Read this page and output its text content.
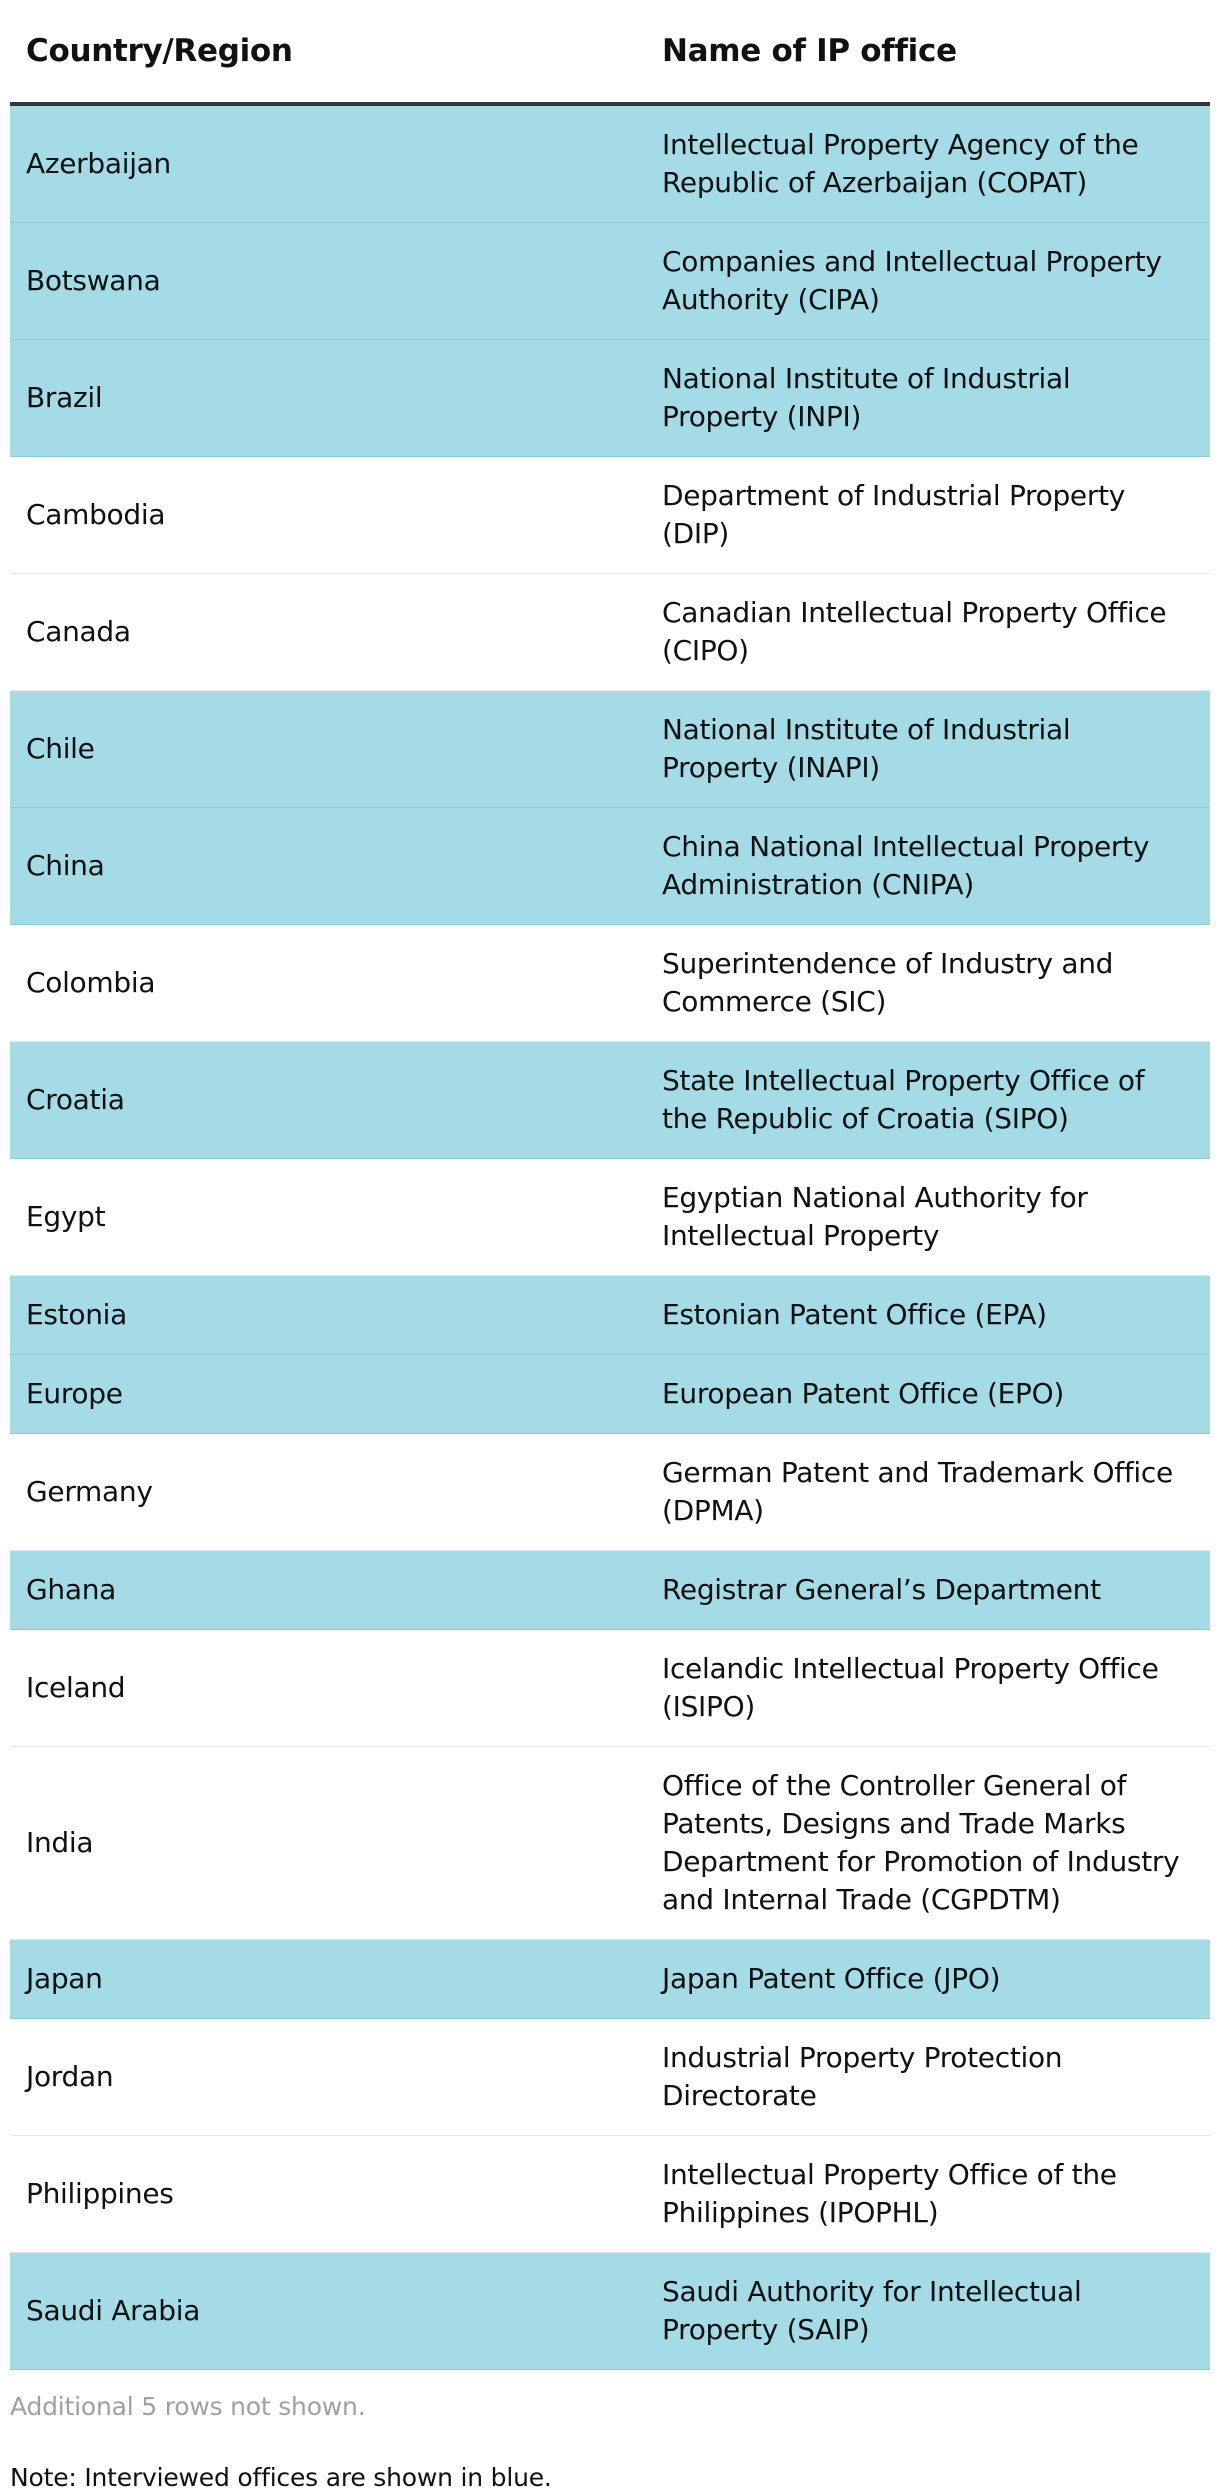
Country/Region	Name of IP office
Azerbaijan	Intellectual Property Agency of the Republic of Azerbaijan (COPAT)
Botswana	Companies and Intellectual Property Authority (CIPA)
Brazil	National Institute of Industrial Property (INPI)
Cambodia	Department of Industrial Property (DIP)
Canada	Canadian Intellectual Property Office (CIPO)
Chile	National Institute of Industrial Property (INAPI)
China	China National Intellectual Property Administration (CNIPA)
Colombia	Superintendence of Industry and Commerce (SIC)
Croatia	State Intellectual Property Office of the Republic of Croatia (SIPO)
Egypt	Egyptian National Authority for Intellectual Property
Estonia	Estonian Patent Office (EPA)
Europe	European Patent Office (EPO)
Germany	German Patent and Trademark Office (DPMA)
Ghana	Registrar General’s Department
Iceland	Icelandic Intellectual Property Office (ISIPO)
India	Office of the Controller General of Patents, Designs and Trade Marks Department for Promotion of Industry and Internal Trade (CGPDTM)
Japan	Japan Patent Office (JPO)
Jordan	Industrial Property Protection Directorate
Philippines	Intellectual Property Office of the Philippines (IPOPHL)
Saudi Arabia	Saudi Authority for Intellectual Property (SAIP)
Additional 5 rows not shown.
Note: Interviewed offices are shown in blue.
